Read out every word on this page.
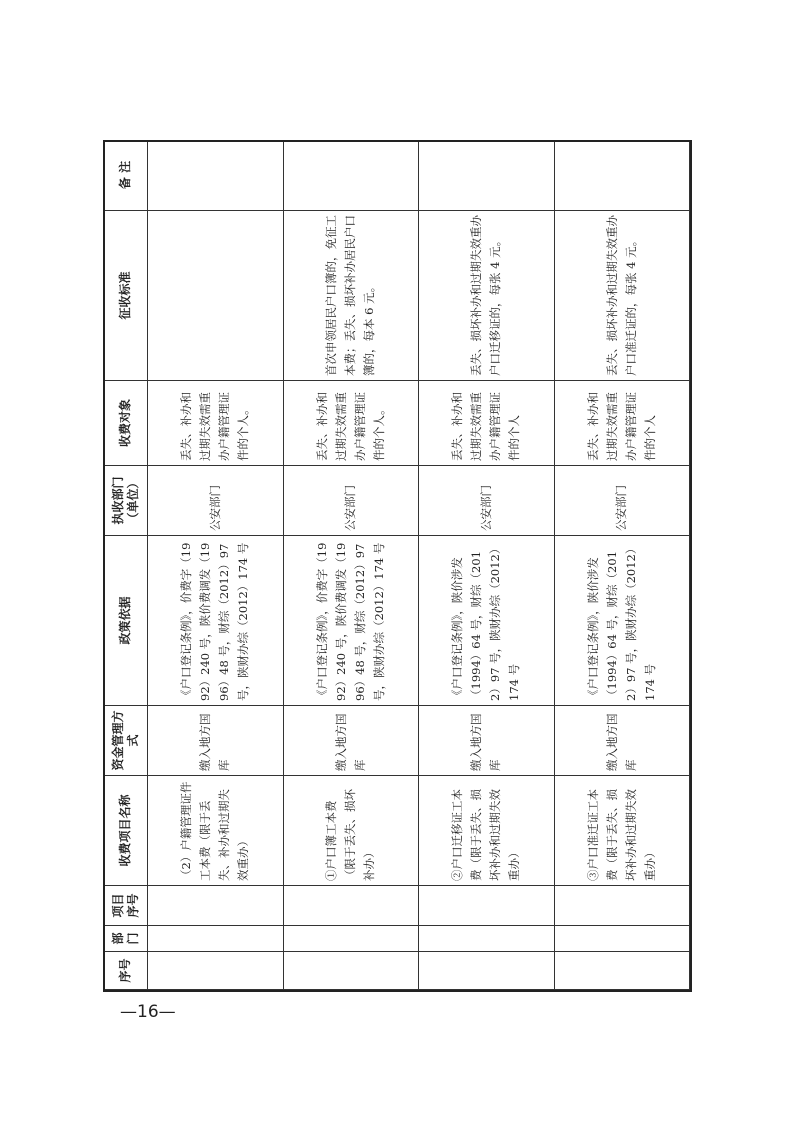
序号	部门	项目序号	收费项目名称	资金管理方式	政策依据	执收部门（单位）	收费对象	征收标准	备 注
			（2）户籍管理证件工本费（限于丢失、补办和过期失效重办）	缴入地方国库	《户口登记条例》，价费字（1992）240 号，陕价费调发（1996）48 号，财综（2012）97 号，陕财办综（2012）174 号	公安部门	丢失、补办和过期失效需重办户籍管理证件的个人。		
			①户口簿工本费（限于丢失、损坏补办）	缴入地方国库	《户口登记条例》，价费字（1992）240 号，陕价费调发（1996）48 号，财综（2012）97 号，陕财办综（2012）174 号	公安部门	丢失、补办和过期失效需重办户籍管理证件的个人。	首次申领居民户口簿的，免征工本费；丢失、损坏补办居民户口簿的，每本 6 元。	
			②户口迁移证工本费（限于丢失、损坏补办和过期失效重办）	缴入地方国库	《户口登记条例》，陕价涉发（1994）64 号，财综（2012）97 号，陕财办综（2012）174 号	公安部门	丢失、补办和过期失效需重办户籍管理证件的个人	丢失、损坏补办和过期失效重办户口迁移证的，每张 4 元。	
			③户口准迁证工本费（限于丢失、损坏补办和过期失效重办）	缴入地方国库	《户口登记条例》，陕价涉发（1994）64 号，财综（2012）97 号，陕财办综（2012）174 号	公安部门	丢失、补办和过期失效需重办户籍管理证件的个人	丢失、损坏补办和过期失效重办户口准迁证的，每张 4 元。	
—16—
